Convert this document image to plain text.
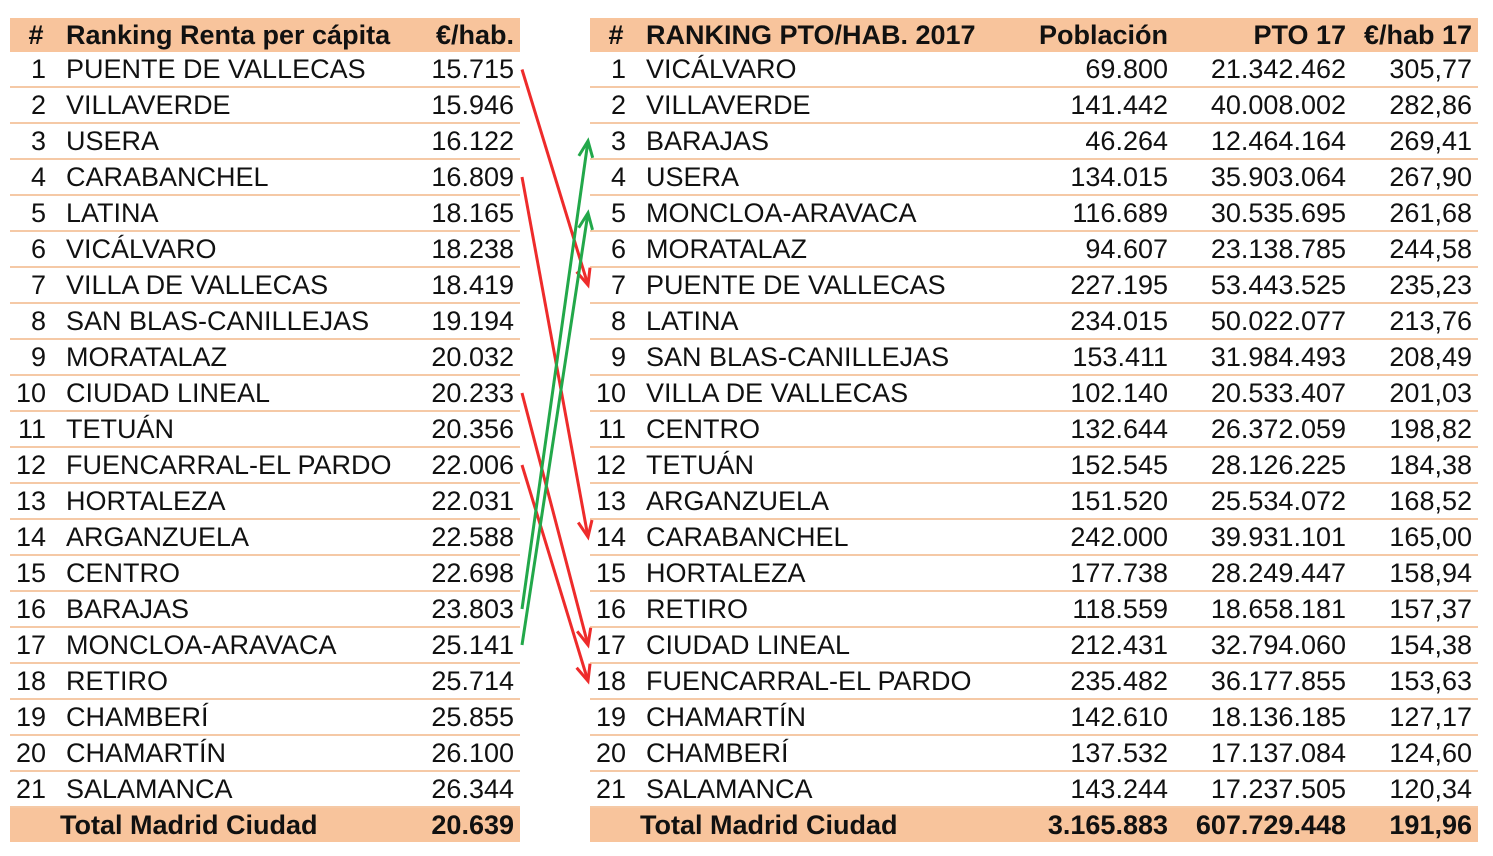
#	Ranking Renta per cápita	€/hab.
1	PUENTE DE VALLECAS	15.715
2	VILLAVERDE	15.946
3	USERA	16.122
4	CARABANCHEL	16.809
5	LATINA	18.165
6	VICÁLVARO	18.238
7	VILLA DE VALLECAS	18.419
8	SAN BLAS-CANILLEJAS	19.194
9	MORATALAZ	20.032
10	CIUDAD LINEAL	20.233
11	TETUÁN	20.356
12	FUENCARRAL-EL PARDO	22.006
13	HORTALEZA	22.031
14	ARGANZUELA	22.588
15	CENTRO	22.698
16	BARAJAS	23.803
17	MONCLOA-ARAVACA	25.141
18	RETIRO	25.714
19	CHAMBERÍ	25.855
20	CHAMARTÍN	26.100
21	SALAMANCA	26.344
Total Madrid Ciudad		20.639
#	RANKING PTO/HAB. 2017	Población	PTO 17	€/hab 17
1	VICÁLVARO	69.800	21.342.462	305,77
2	VILLAVERDE	141.442	40.008.002	282,86
3	BARAJAS	46.264	12.464.164	269,41
4	USERA	134.015	35.903.064	267,90
5	MONCLOA-ARAVACA	116.689	30.535.695	261,68
6	MORATALAZ	94.607	23.138.785	244,58
7	PUENTE DE VALLECAS	227.195	53.443.525	235,23
8	LATINA	234.015	50.022.077	213,76
9	SAN BLAS-CANILLEJAS	153.411	31.984.493	208,49
10	VILLA DE VALLECAS	102.140	20.533.407	201,03
11	CENTRO	132.644	26.372.059	198,82
12	TETUÁN	152.545	28.126.225	184,38
13	ARGANZUELA	151.520	25.534.072	168,52
14	CARABANCHEL	242.000	39.931.101	165,00
15	HORTALEZA	177.738	28.249.447	158,94
16	RETIRO	118.559	18.658.181	157,37
17	CIUDAD LINEAL	212.431	32.794.060	154,38
18	FUENCARRAL-EL PARDO	235.482	36.177.855	153,63
19	CHAMARTÍN	142.610	18.136.185	127,17
20	CHAMBERÍ	137.532	17.137.084	124,60
21	SALAMANCA	143.244	17.237.505	120,34
Total Madrid Ciudad		3.165.883	607.729.448	191,96
